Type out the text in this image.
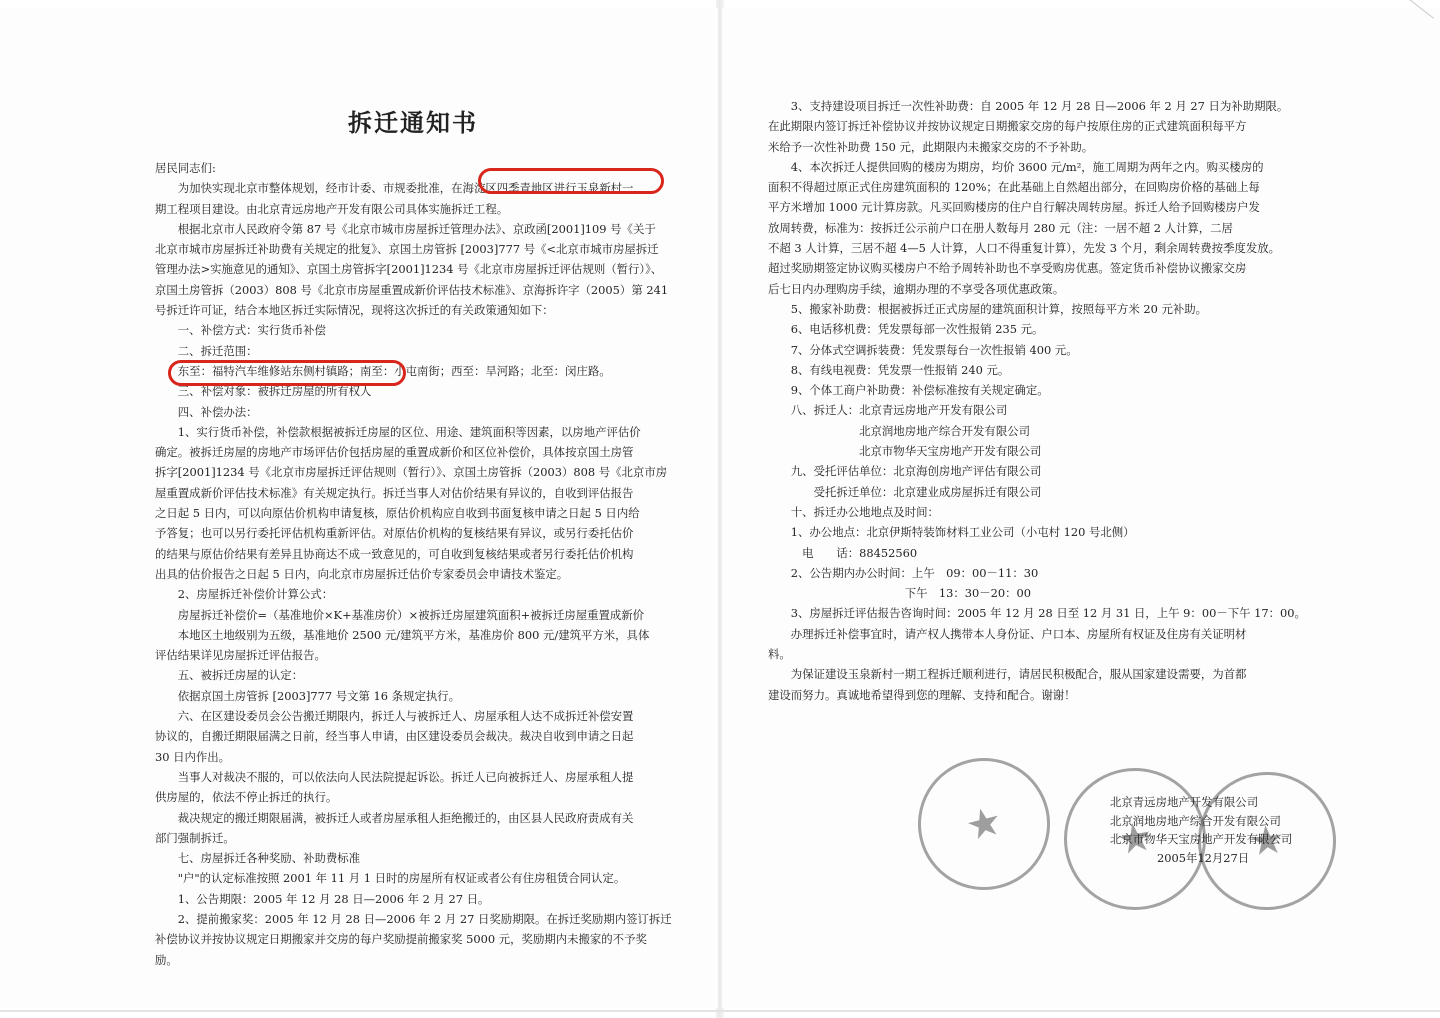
拆迁通知书
居民同志们:
　　为加快实现北京市整体规划，经市计委、市规委批准，在海淀区四季青地区进行玉泉新村一
期工程项目建设。由北京青远房地产开发有限公司具体实施拆迁工程。
　　根据北京市人民政府令第 87 号《北京市城市房屋拆迁管理办法》、京政函[2001]109 号《关于
北京市城市房屋拆迁补助费有关规定的批复》、京国土房管拆 [2003]777 号《<北京市城市房屋拆迁
管理办法>实施意见的通知》、京国土房管拆字[2001]1234 号《北京市房屋拆迁评估规则（暂行）》、
京国土房管拆（2003）808 号《北京市房屋重置成新价评估技术标准》、京海拆许字（2005）第 241
号拆迁许可证，结合本地区拆迁实际情况，现将这次拆迁的有关政策通知如下：
　　一、补偿方式：实行货币补偿
　　二、拆迁范围：
　　东至：福特汽车维修站东侧村镇路；南至：小屯南街；西至：旱河路；北至：闵庄路。
　　三、补偿对象：被拆迁房屋的所有权人
　　四、补偿办法：
　　1、实行货币补偿，补偿款根据被拆迁房屋的区位、用途、建筑面积等因素，以房地产评估价
确定。被拆迁房屋的房地产市场评估价包括房屋的重置成新价和区位补偿价，具体按京国土房管
拆字[2001]1234 号《北京市房屋拆迁评估规则（暂行）》、京国土房管拆（2003）808 号《北京市房
屋重置成新价评估技术标准》有关规定执行。拆迁当事人对估价结果有异议的，自收到评估报告
之日起 5 日内，可以向原估价机构申请复核，原估价机构应自收到书面复核申请之日起 5 日内给
予答复；也可以另行委托评估机构重新评估。对原估价机构的复核结果有异议，或另行委托估价
的结果与原估价结果有差异且协商达不成一致意见的，可自收到复核结果或者另行委托估价机构
出具的估价报告之日起 5 日内，向北京市房屋拆迁估价专家委员会申请技术鉴定。
　　2、房屋拆迁补偿价计算公式：
　　房屋拆迁补偿价=（基准地价×K+基准房价）×被拆迁房屋建筑面积+被拆迁房屋重置成新价
　　本地区土地级别为五级，基准地价 2500 元/建筑平方米，基准房价 800 元/建筑平方米，具体
评估结果详见房屋拆迁评估报告。
　　五、被拆迁房屋的认定：
　　依据京国土房管拆 [2003]777 号文第 16 条规定执行。
　　六、在区建设委员会公告搬迁期限内，拆迁人与被拆迁人、房屋承租人达不成拆迁补偿安置
协议的，自搬迁期限届满之日前，经当事人申请，由区建设委员会裁决。裁决自收到申请之日起
30 日内作出。
　　当事人对裁决不服的，可以依法向人民法院提起诉讼。拆迁人已向被拆迁人、房屋承租人提
供房屋的，依法不停止拆迁的执行。
　　裁决规定的搬迁期限届满，被拆迁人或者房屋承租人拒绝搬迁的，由区县人民政府责成有关
部门强制拆迁。
　　七、房屋拆迁各种奖励、补助费标准
　　"户"的认定标准按照 2001 年 11 月 1 日时的房屋所有权证或者公有住房租赁合同认定。
　　1、公告期限：2005 年 12 月 28 日—2006 年 2 月 27 日。
　　2、提前搬家奖：2005 年 12 月 28 日—2006 年 2 月 27 日奖励期限。在拆迁奖励期内签订拆迁
补偿协议并按协议规定日期搬家并交房的每户奖励提前搬家奖 5000 元，奖励期内未搬家的不予奖
励。
　　3、支持建设项目拆迁一次性补助费：自 2005 年 12 月 28 日—2006 年 2 月 27 日为补助期限。
在此期限内签订拆迁补偿协议并按协议规定日期搬家交房的每户按原住房的正式建筑面积每平方
米给予一次性补助费 150 元，此期限内未搬家交房的不予补助。
　　4、本次拆迁人提供回购的楼房为期房，均价 3600 元/m²，施工周期为两年之内。购买楼房的
面积不得超过原正式住房建筑面积的 120%；在此基础上自然超出部分，在回购房价格的基础上每
平方米增加 1000 元计算房款。凡买回购楼房的住户自行解决周转房屋。拆迁人给予回购楼房户发
放周转费，标准为：按拆迁公示前户口在册人数每月 280 元（注：一居不超 2 人计算，二居
不超 3 人计算，三居不超 4—5 人计算，人口不得重复计算），先发 3 个月，剩余周转费按季度发放。
超过奖励期签定协议购买楼房户不给予周转补助也不享受购房优惠。签定货币补偿协议搬家交房
后七日内办理购房手续，逾期办理的不享受各项优惠政策。
　　5、搬家补助费：根据被拆迁正式房屋的建筑面积计算，按照每平方米 20 元补助。
　　6、电话移机费：凭发票每部一次性报销 235 元。
　　7、分体式空调拆装费：凭发票每台一次性报销 400 元。
　　8、有线电视费：凭发票一性报销 240 元。
　　9、个体工商户补助费：补偿标准按有关规定确定。
　　八、拆迁人：北京青远房地产开发有限公司
　　　　　　　　北京润地房地产综合开发有限公司
　　　　　　　　北京市物华天宝房地产开发有限公司
　　九、受托评估单位：北京海创房地产评估有限公司
　　　　受托拆迁单位：北京建业成房屋拆迁有限公司
　　十、拆迁办公地地点及时间：
　　1、办公地点：北京伊斯特装饰材料工业公司（小屯村 120 号北侧）
　　　电　　话：88452560
　　2、公告期内办公时间：上午　09：00－11：30
　　　　　　　　　　　　下午　13：30－20：00
　　3、房屋拆迁评估报告咨询时间：2005 年 12 月 28 日至 12 月 31 日，上午 9：00－下午 17：00。
　　办理拆迁补偿事宜时，请产权人携带本人身份证、户口本、房屋所有权证及住房有关证明材
料。
　　为保证建设玉泉新村一期工程拆迁顺利进行，请居民积极配合，服从国家建设需要，为首都
建设而努力。真诚地希望得到您的理解、支持和配合。谢谢！
★	★ ★
北京青远房地产开发有限公司
北京润地房地产综合开发有限公司
北京市物华天宝房地产开发有限公司
2005年12月27日
